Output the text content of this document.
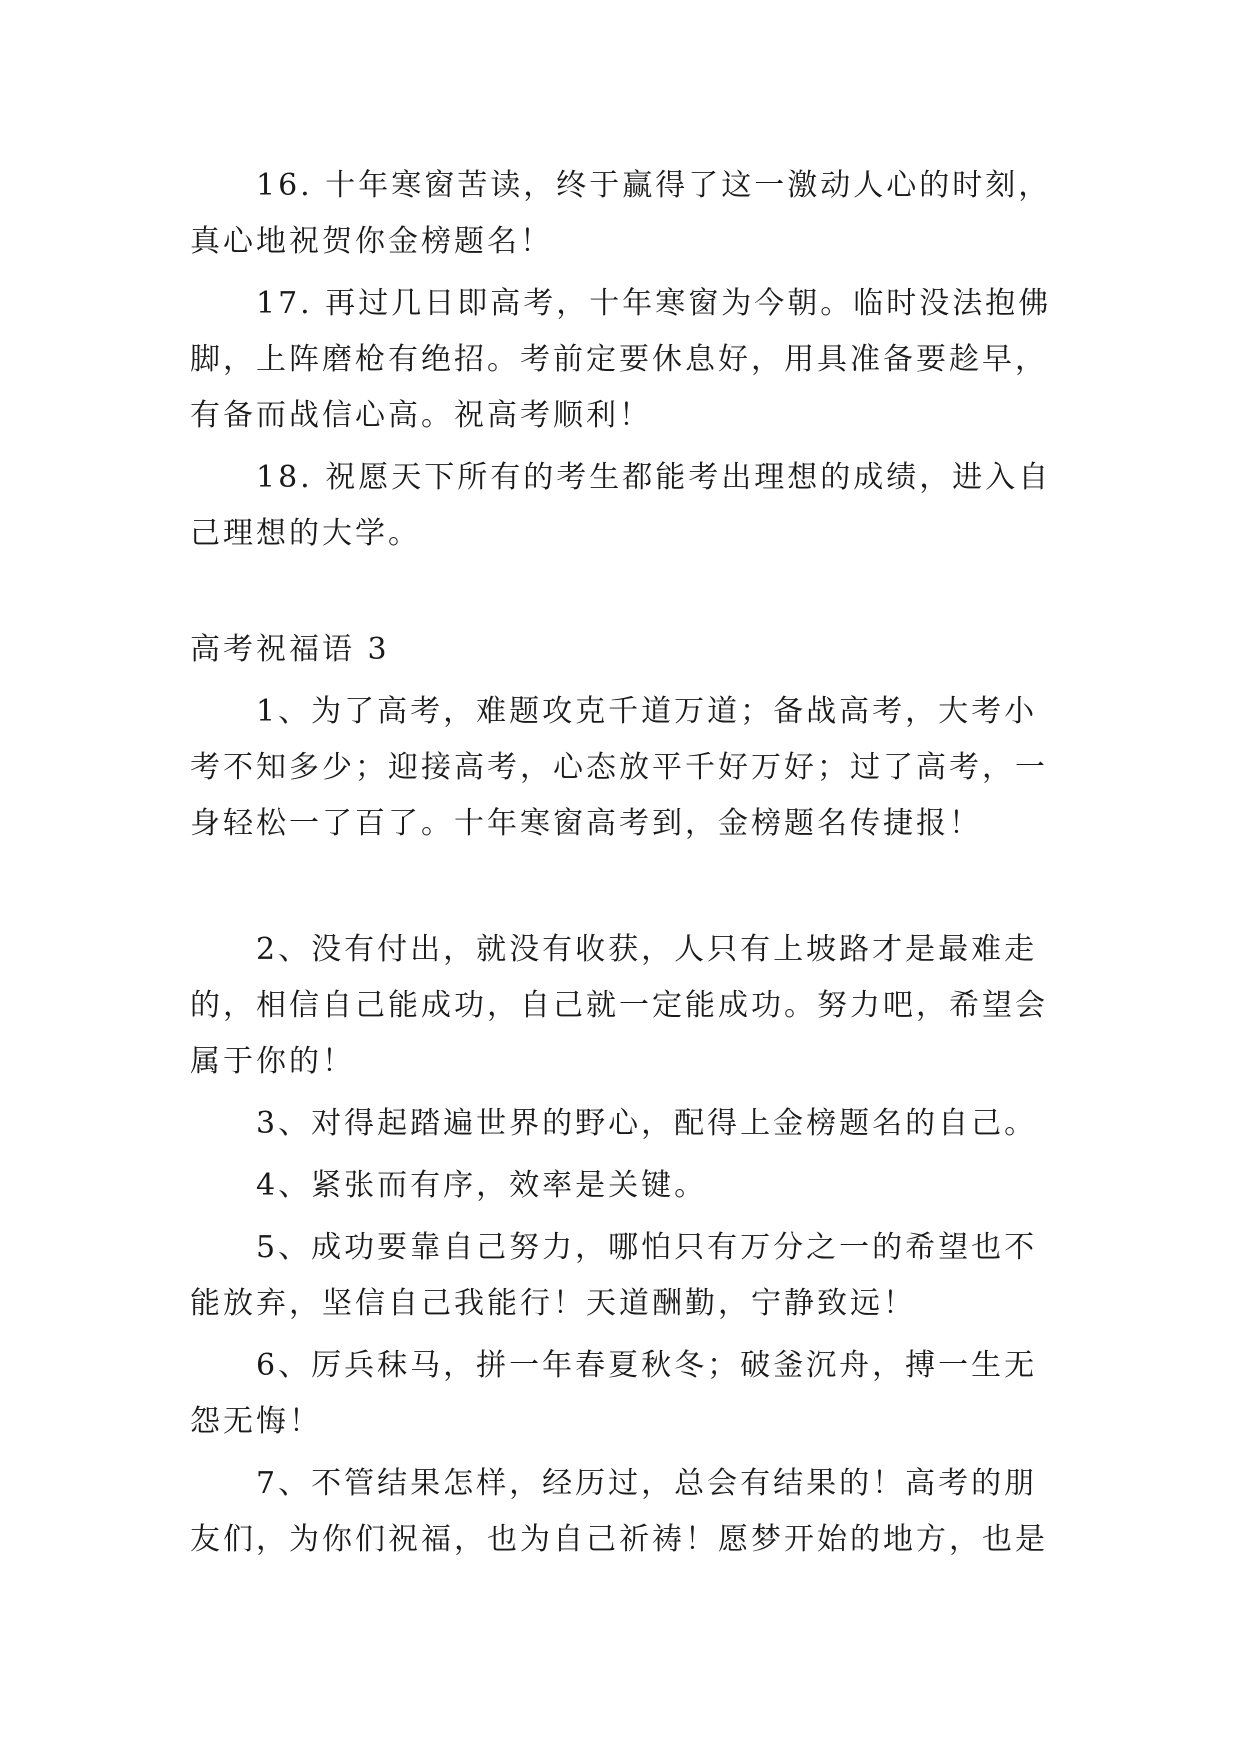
16. 十年寒窗苦读，终于赢得了这一激动人心的时刻，真心地祝贺你金榜题名！

17. 再过几日即高考，十年寒窗为今朝。临时没法抱佛脚，上阵磨枪有绝招。考前定要休息好，用具准备要趁早，有备而战信心高。祝高考顺利！

18. 祝愿天下所有的考生都能考出理想的成绩，进入自己理想的大学。

高考祝福语 3

1、为了高考，难题攻克千道万道；备战高考，大考小考不知多少；迎接高考，心态放平千好万好；过了高考，一身轻松一了百了。十年寒窗高考到，金榜题名传捷报！

2、没有付出，就没有收获，人只有上坡路才是最难走的，相信自己能成功，自己就一定能成功。努力吧，希望会属于你的！

3、对得起踏遍世界的野心，配得上金榜题名的自己。

4、紧张而有序，效率是关键。

5、成功要靠自己努力，哪怕只有万分之一的希望也不能放弃，坚信自己我能行！天道酬勤，宁静致远！

6、厉兵秣马，拼一年春夏秋冬；破釜沉舟，搏一生无怨无悔！

7、不管结果怎样，经历过，总会有结果的！高考的朋友们，为你们祝福，也为自己祈祷！愿梦开始的地方，也是
